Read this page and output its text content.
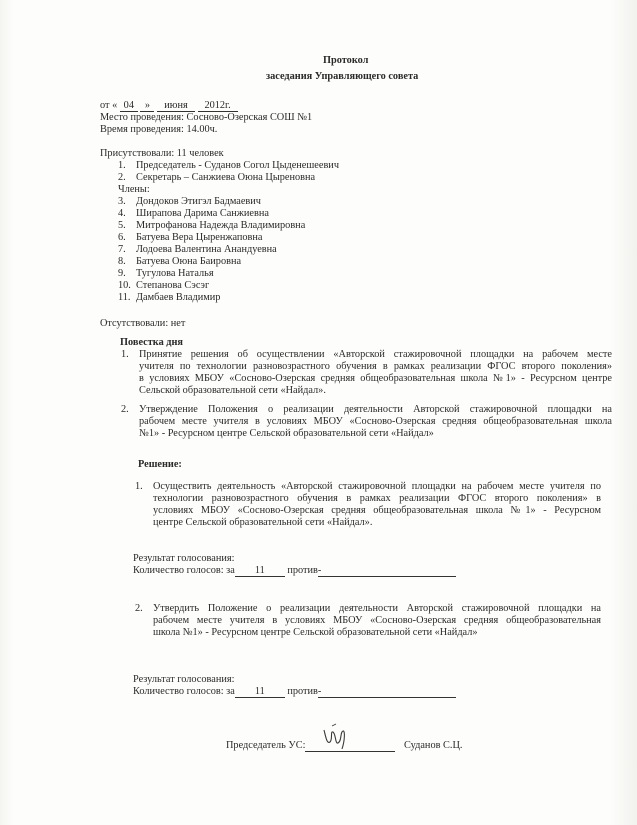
Протокол
заседания Управляющего совета
от « 04 » июня 2012г.
Место проведения: Сосново-Озерская СОШ №1
Время проведения: 14.00ч.
Присутствовали: 11 человек
1. Председатель - Суданов Согол Цыденешеевич
2. Секретарь – Санжиева Оюна Цыреновна
Члены:
3. Дондоков Этигэл Бадмаевич
4. Ширапова Дарима Санжиевна
5. Митрофанова Надежда Владимировна
6. Батуева Вера Цыренжаповна
7. Лодоева Валентина Анандуевна
8. Батуева Оюна Баировна
9. Тугулова Наталья
10. Степанова Сэсэг
11. Дамбаев Владимир
Отсутствовали: нет
Повестка дня
1. Принятие решения об осуществлении «Авторской стажировочной площадки на рабочем месте
учителя по технологии разновозрастного обучения в рамках реализации ФГОС второго поколения»
в условиях МБОУ «Сосново-Озерская средняя общеобразовательная школа №1» - Ресурсном центре
Сельской образовательной сети «Найдал».
2. Утверждение Положения о реализации деятельности Авторской стажировочной площадки на
рабочем месте учителя в условиях МБОУ «Сосново-Озерская средняя общеобразовательная школа
№1» - Ресурсном центре Сельской образовательной сети «Найдал»
Решение:
1. Осуществить деятельность «Авторской стажировочной площадки на рабочем месте учителя по
технологии разновозрастного обучения в рамках реализации ФГОС второго поколения» в
условиях МБОУ «Сосново-Озерская средняя общеобразовательная школа №1» - Ресурсном
центре Сельской образовательной сети «Найдал».
Результат голосования:
Количество голосов: за 11 против-
2. Утвердить Положение о реализации деятельности Авторской стажировочной площадки на
рабочем месте учителя в условиях МБОУ «Сосново-Озерская средняя общеобразовательная
школа №1» - Ресурсном центре Сельской образовательной сети «Найдал»
Результат голосования:
Количество голосов: за 11 против-
Председатель УС:	Суданов С.Ц.
